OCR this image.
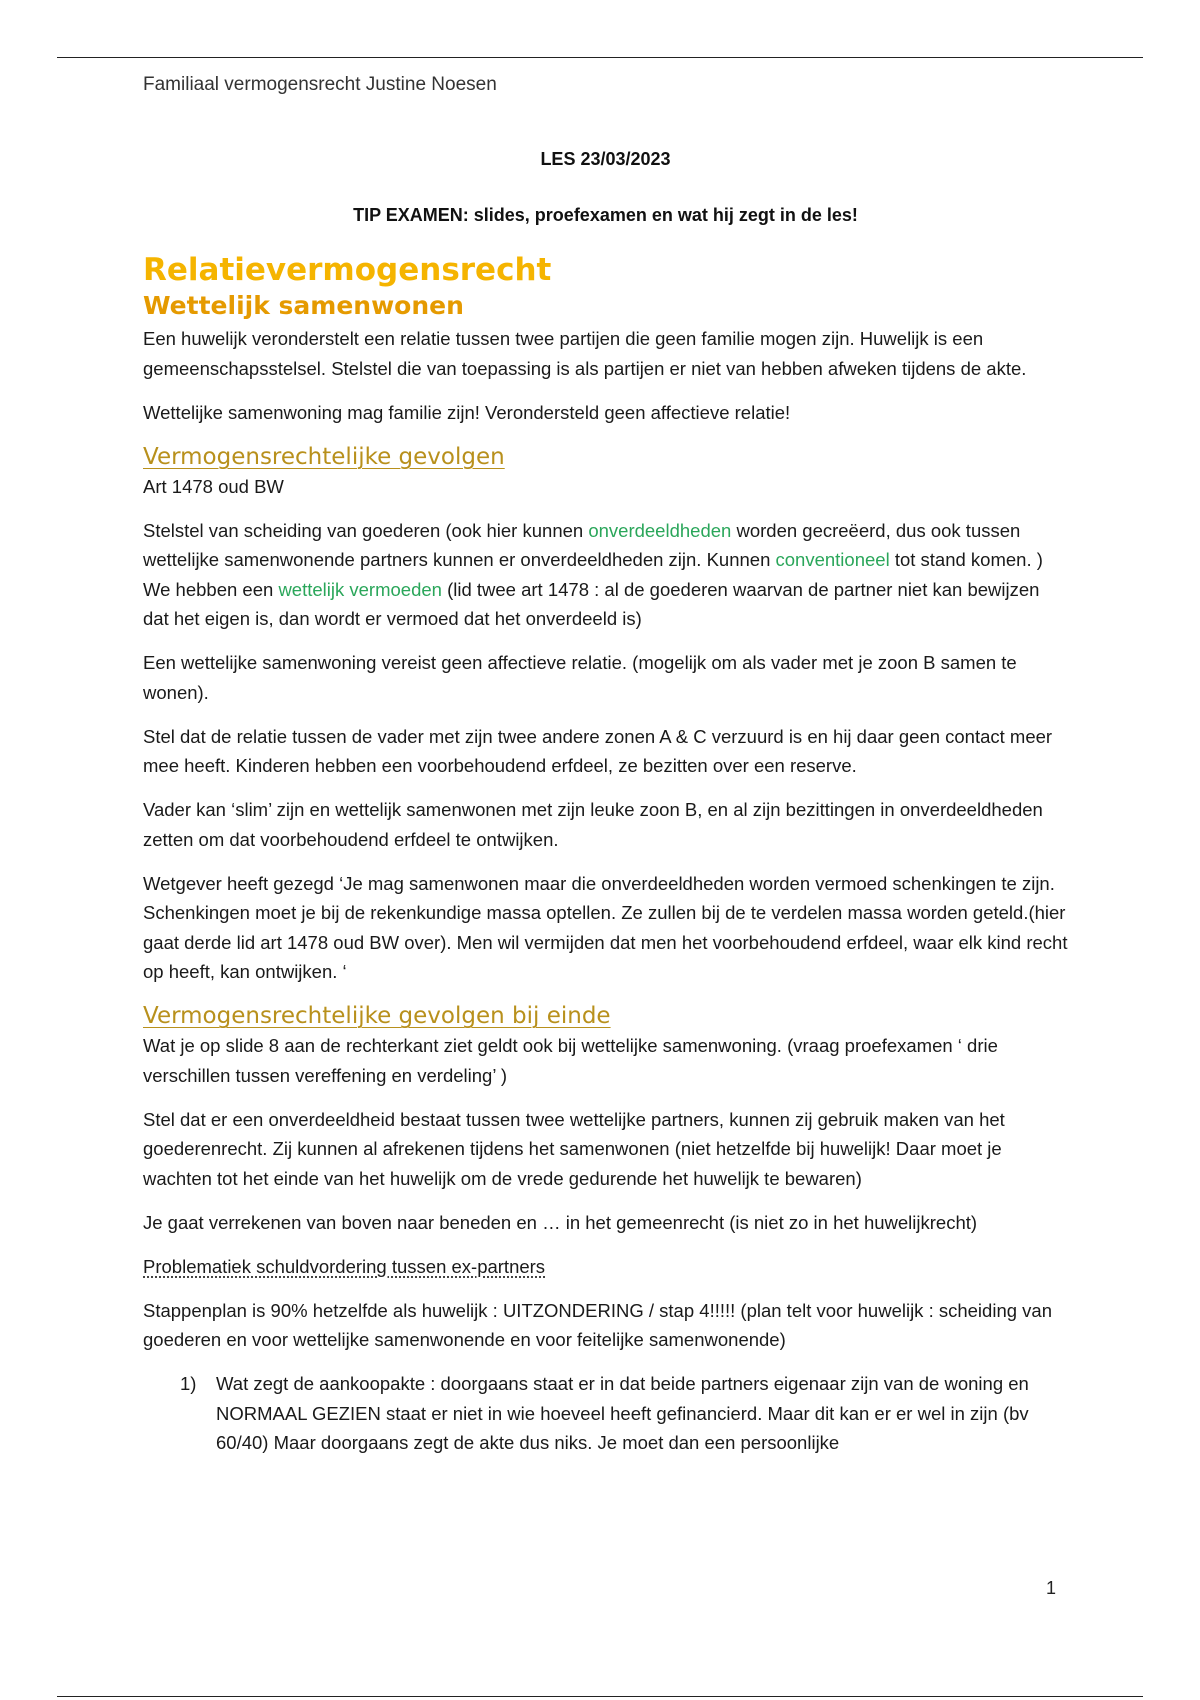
Familiaal vermogensrecht Justine Noesen

LES 23/03/2023

TIP EXAMEN: slides, proefexamen en wat hij zegt in de les!

Relatievermogensrecht
Wettelijk samenwonen

Een huwelijk veronderstelt een relatie tussen twee partijen die geen familie mogen zijn. Huwelijk is een gemeenschapsstelsel. Stelstel die van toepassing is als partijen er niet van hebben afweken tijdens de akte.

Wettelijke samenwoning mag familie zijn! Verondersteld geen affectieve relatie!

Vermogensrechtelijke gevolgen

Art 1478 oud BW

Stelstel van scheiding van goederen (ook hier kunnen onverdeeldheden worden gecreëerd, dus ook tussen wettelijke samenwonende partners kunnen er onverdeeldheden zijn. Kunnen conventioneel tot stand komen. ) We hebben een wettelijk vermoeden (lid twee art 1478 : al de goederen waarvan de partner niet kan bewijzen dat het eigen is, dan wordt er vermoed dat het onverdeeld is)

Een wettelijke samenwoning vereist geen affectieve relatie. (mogelijk om als vader met je zoon B samen te wonen).

Stel dat de relatie tussen de vader met zijn twee andere zonen A & C verzuurd is en hij daar geen contact meer mee heeft. Kinderen hebben een voorbehoudend erfdeel, ze bezitten over een reserve.

Vader kan ‘slim’ zijn en wettelijk samenwonen met zijn leuke zoon B, en al zijn bezittingen in onverdeeldheden zetten om dat voorbehoudend erfdeel te ontwijken.

Wetgever heeft gezegd ‘Je mag samenwonen maar die onverdeeldheden worden vermoed schenkingen te zijn. Schenkingen moet je bij de rekenkundige massa optellen. Ze zullen bij de te verdelen massa worden geteld.(hier gaat derde lid art 1478 oud BW over). Men wil vermijden dat men het voorbehoudend erfdeel, waar elk kind recht op heeft, kan ontwijken. ‘

Vermogensrechtelijke gevolgen bij einde

Wat je op slide 8 aan de rechterkant ziet geldt ook bij wettelijke samenwoning. (vraag proefexamen ‘ drie verschillen tussen vereffening en verdeling’ )

Stel dat er een onverdeeldheid bestaat tussen twee wettelijke partners, kunnen zij gebruik maken van het goederenrecht. Zij kunnen al afrekenen tijdens het samenwonen (niet hetzelfde bij huwelijk! Daar moet je wachten tot het einde van het huwelijk om de vrede gedurende het huwelijk te bewaren)

Je gaat verrekenen van boven naar beneden en … in het gemeenrecht (is niet zo in het huwelijkrecht)

Problematiek schuldvordering tussen ex-partners

Stappenplan is 90% hetzelfde als huwelijk : UITZONDERING / stap 4!!!!! (plan telt voor huwelijk : scheiding van goederen en voor wettelijke samenwonende en voor feitelijke samenwonende)

1)	Wat zegt de aankoopakte : doorgaans staat er in dat beide partners eigenaar zijn van de woning en NORMAAL GEZIEN staat er niet in wie hoeveel heeft gefinancierd. Maar dit kan er er wel in zijn (bv 60/40) Maar doorgaans zegt de akte dus niks. Je moet dan een persoonlijke
1
